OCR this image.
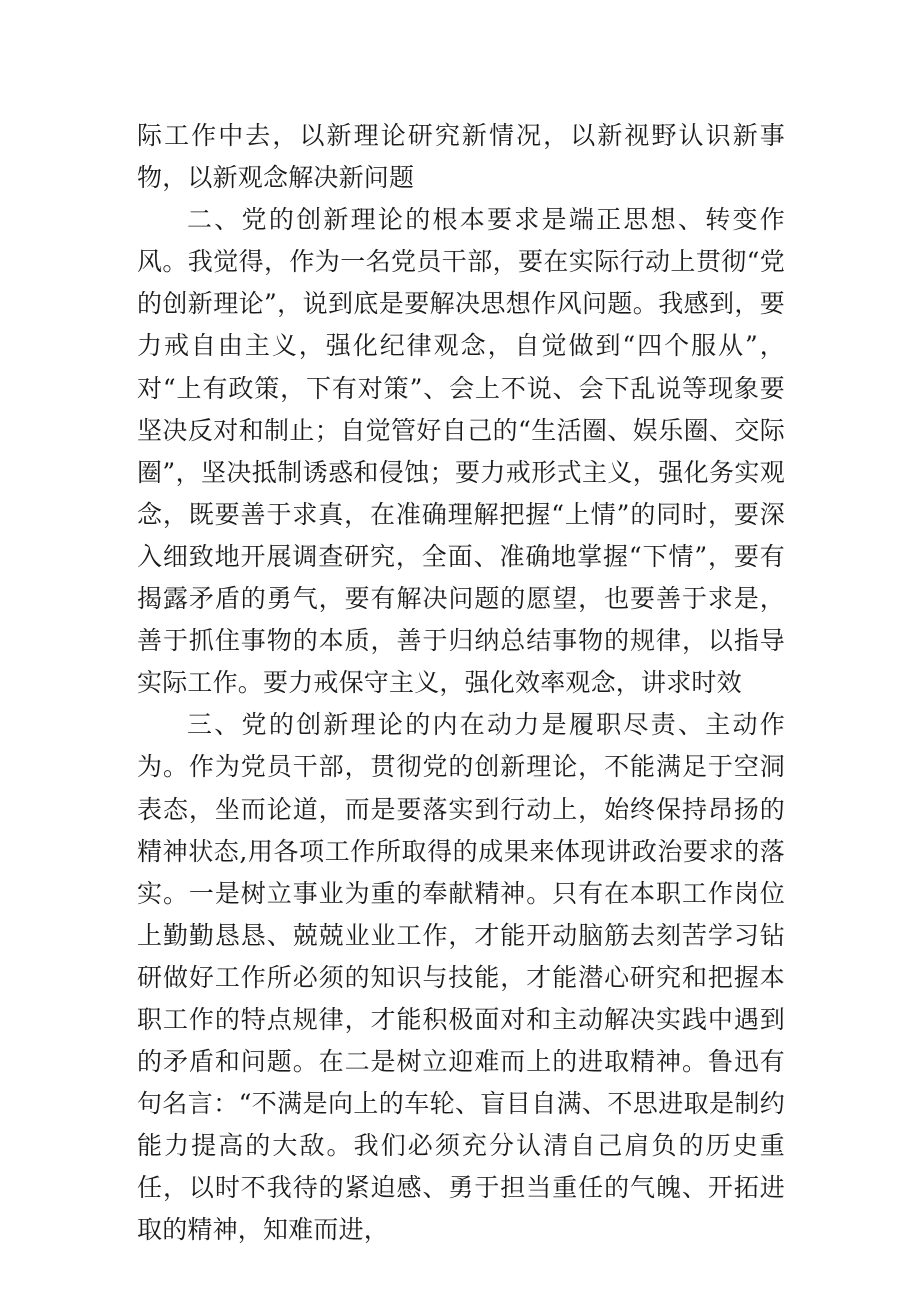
际工作中去，以新理论研究新情况，以新视野认识新事物，以新观念解决新问题

二、党的创新理论的根本要求是端正思想、转变作风。我觉得，作为一名党员干部，要在实际行动上贯彻“党的创新理论”，说到底是要解决思想作风问题。我感到，要力戒自由主义，强化纪律观念，自觉做到“四个服从”，对“上有政策，下有对策”、会上不说、会下乱说等现象要坚决反对和制止；自觉管好自己的“生活圈、娱乐圈、交际圈”，坚决抵制诱惑和侵蚀；要力戒形式主义，强化务实观念，既要善于求真，在准确理解把握“上情”的同时，要深入细致地开展调查研究，全面、准确地掌握“下情”，要有揭露矛盾的勇气，要有解决问题的愿望，也要善于求是，善于抓住事物的本质，善于归纳总结事物的规律，以指导实际工作。要力戒保守主义，强化效率观念，讲求时效

三、党的创新理论的内在动力是履职尽责、主动作为。作为党员干部，贯彻党的创新理论，不能满足于空洞表态，坐而论道，而是要落实到行动上，始终保持昂扬的精神状态,用各项工作所取得的成果来体现讲政治要求的落实。一是树立事业为重的奉献精神。只有在本职工作岗位上勤勤恳恳、兢兢业业工作，才能开动脑筋去刻苦学习钻研做好工作所必须的知识与技能，才能潜心研究和把握本职工作的特点规律，才能积极面对和主动解决实践中遇到的矛盾和问题。在二是树立迎难而上的进取精神。鲁迅有句名言：“不满是向上的车轮、盲目自满、不思进取是制约能力提高的大敌。我们必须充分认清自己肩负的历史重任，以时不我待的紧迫感、勇于担当重任的气魄、开拓进取的精神，知难而进，
